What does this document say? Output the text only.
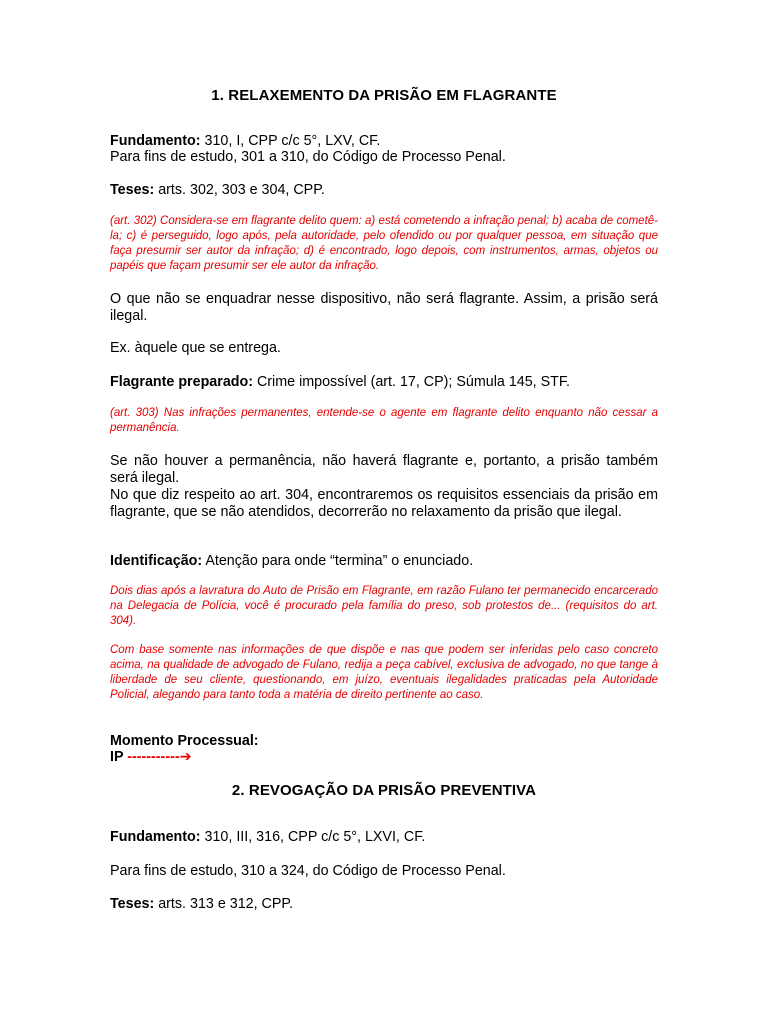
1. RELAXEMENTO DA PRISÃO EM FLAGRANTE
Fundamento: 310, I, CPP c/c 5°, LXV, CF.
Para fins de estudo, 301 a 310, do Código de Processo Penal.
Teses: arts. 302, 303 e 304, CPP.
(art. 302) Considera-se em flagrante delito quem: a) está cometendo a infração penal; b) acaba de cometê-la; c) é perseguido, logo após, pela autoridade, pelo ofendido ou por qualquer pessoa, em situação que faça presumir ser autor da infração; d) é encontrado, logo depois, com instrumentos, armas, objetos ou papéis que façam presumir ser ele autor da infração.
O que não se enquadrar nesse dispositivo, não será flagrante. Assim, a prisão será ilegal.
Ex. àquele que se entrega.
Flagrante preparado: Crime impossível (art. 17, CP); Súmula 145, STF.
(art. 303) Nas infrações permanentes, entende-se o agente em flagrante delito enquanto não cessar a permanência.
Se não houver a permanência, não haverá flagrante e, portanto, a prisão também será ilegal.
No que diz respeito ao art. 304, encontraremos os requisitos essenciais da prisão em flagrante, que se não atendidos, decorrerão no relaxamento da prisão que ilegal.
Identificação: Atenção para onde “termina” o enunciado.
Dois dias após a lavratura do Auto de Prisão em Flagrante, em razão Fulano ter permanecido encarcerado na Delegacia de Polícia, você é procurado pela família do preso, sob protestos de... (requisitos do art. 304).
Com base somente nas informações de que dispõe e nas que podem ser inferidas pelo caso concreto acima, na qualidade de advogado de Fulano, redija a peça cabível, exclusiva de advogado, no que tange à liberdade de seu cliente, questionando, em juízo, eventuais ilegalidades praticadas pela Autoridade Policial, alegando para tanto toda a matéria de direito pertinente ao caso.
Momento Processual:
IP -----------➔
2. REVOGAÇÃO DA PRISÃO PREVENTIVA
Fundamento: 310, III, 316, CPP c/c 5°, LXVI, CF.
Para fins de estudo, 310 a 324, do Código de Processo Penal.
Teses: arts. 313 e 312, CPP.
